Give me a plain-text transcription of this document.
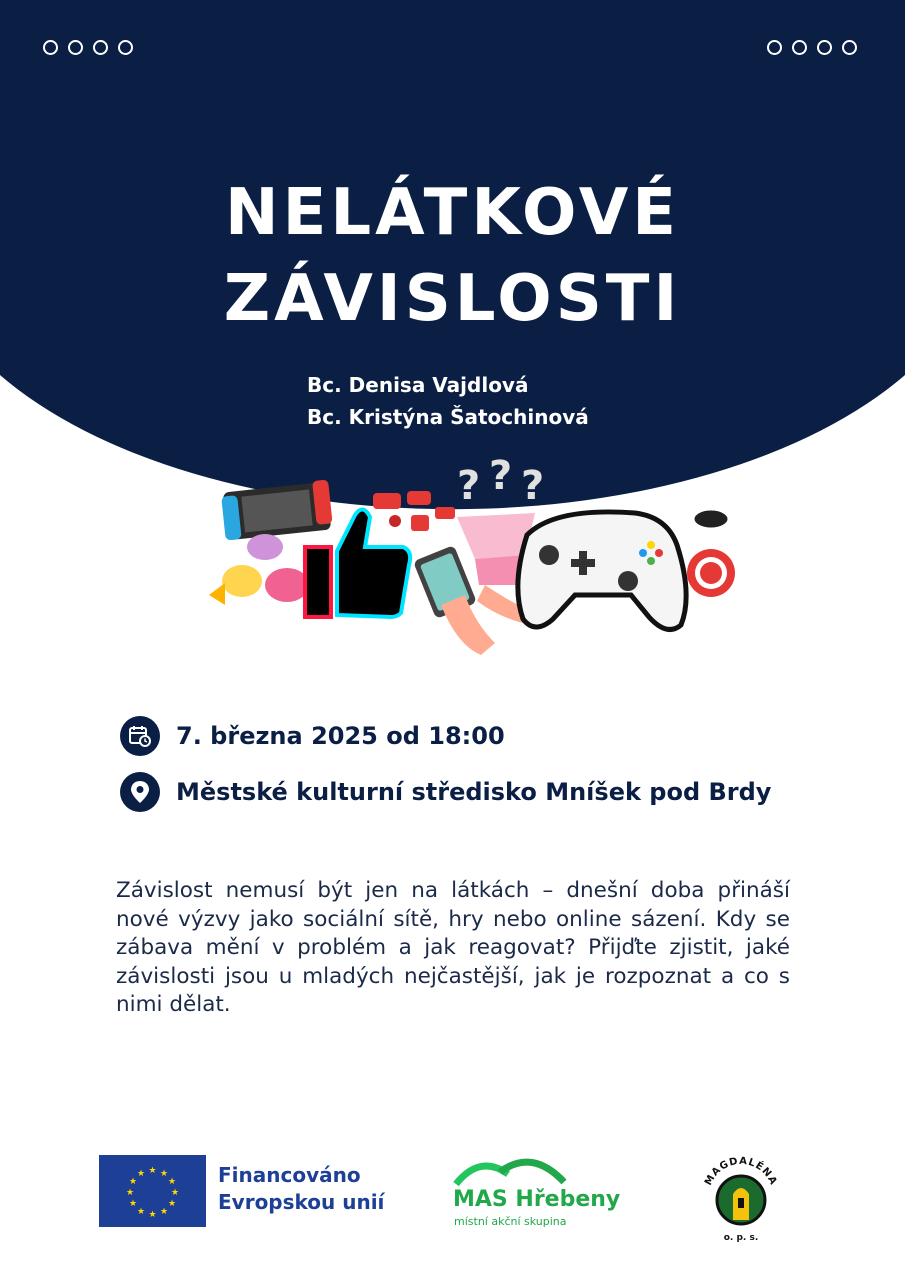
NELÁTKOVÉ
ZÁVISLOSTI
Bc. Denisa Vajdlová
Bc. Kristýna Šatochinová
? ? ?
7. března 2025 od 18:00
Městské kulturní středisko Mníšek pod Brdy

Závislost nemusí být jen na látkách – dnešní doba přináší nové výzvy jako sociální sítě, hry nebo online sázení. Kdy se zábava mění v problém a jak reagovat? Přijďte zjistit, jaké závislosti jsou u mladých nejčastější, jak je rozpoznat a co s nimi dělat.

★ ★
★
★
★
★
★
★
★
★
★
★	Financováno
Evropskou unií	MAS Hřebeny
místní akční skupina
MAGDALÉNA
o. p. s.
